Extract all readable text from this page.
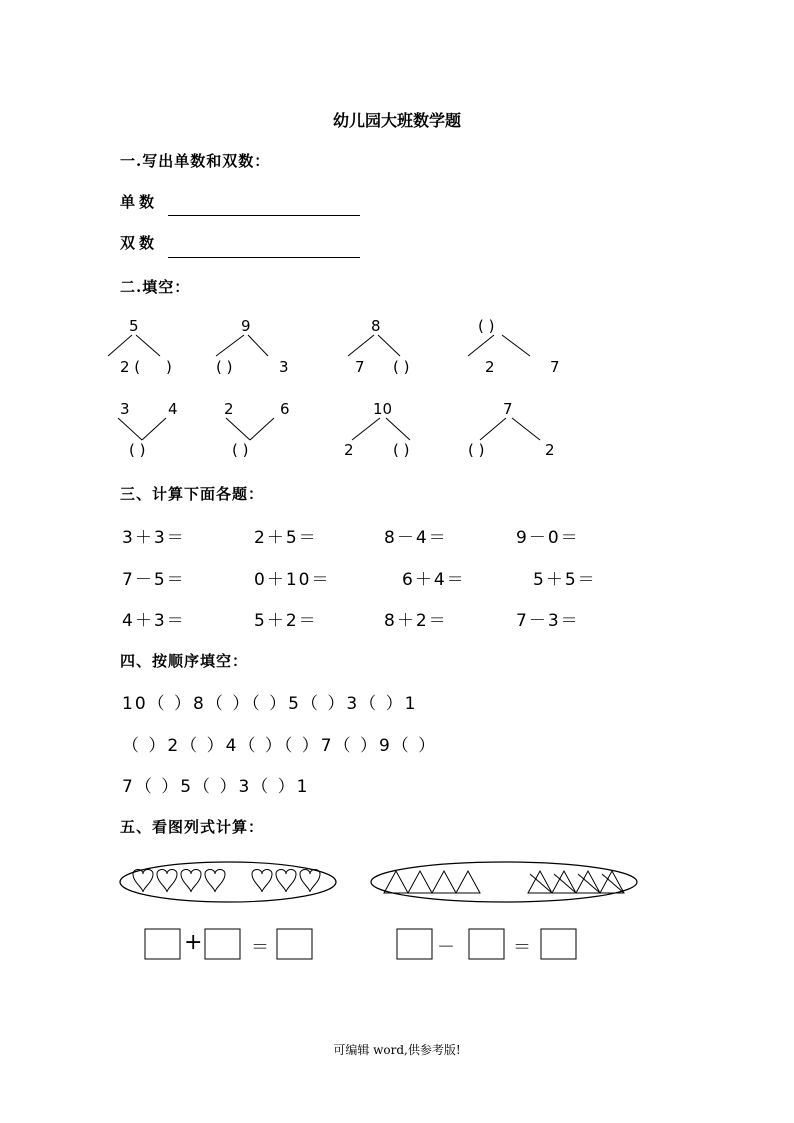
幼儿园大班数学题
一.写出单数和双数：
单数
双数
二.填空：
5
2 ( )
9
( )	3
8
7 ( )
( )
2	7
3	4
( )
2	6
( )
10
2	( )
7
( )	2
三、计算下面各题：
3＋3＝	2＋5＝	8－4＝	9－0＝
7－5＝	0＋10＝	6＋4＝	5＋5＝
4＋3＝	5＋2＝	8＋2＝	7－3＝
四、按顺序填空：
10（ ）8（ ）（ ）5（ ）3（ ）1
（ ）2（ ）4（ ）（ ）7（ ）9（ ）
7（ ）5（ ）3（ ）1
五、看图列式计算：
+	＝	－	＝
可编辑 word,供参考版!
